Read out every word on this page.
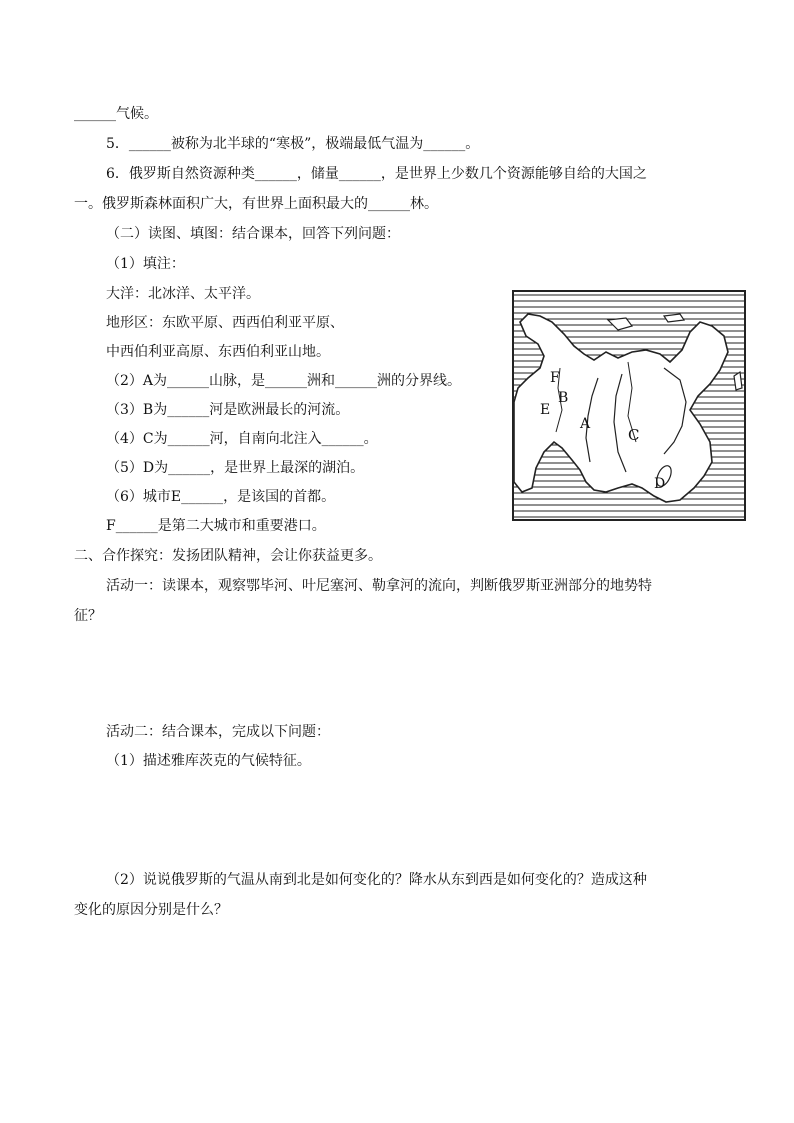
______气候。
5．______被称为北半球的“寒极”，极端最低气温为______。
6．俄罗斯自然资源种类______，储量______，是世界上少数几个资源能够自给的大国之
一。俄罗斯森林面积广大，有世界上面积最大的______林。
（二）读图、填图：结合课本，回答下列问题：
（1）填注：
大洋：北冰洋、太平洋。
地形区：东欧平原、西西伯利亚平原、
中西伯利亚高原、东西伯利亚山地。
（2）A为______山脉，是______洲和______洲的分界线。
（3）B为______河是欧洲最长的河流。
（4）C为______河，自南向北注入______。
（5）D为______，是世界上最深的湖泊。
（6）城市E______，是该国的首都。
F______是第二大城市和重要港口。
二、合作探究：发扬团队精神，会让你获益更多。
活动一：读课本，观察鄂毕河、叶尼塞河、勒拿河的流向，判断俄罗斯亚洲部分的地势特
征？
活动二：结合课本，完成以下问题：
（1）描述雅库茨克的气候特征。
（2）说说俄罗斯的气温从南到北是如何变化的？降水从东到西是如何变化的？造成这种
变化的原因分别是什么？
F
B
E
A
C
D
